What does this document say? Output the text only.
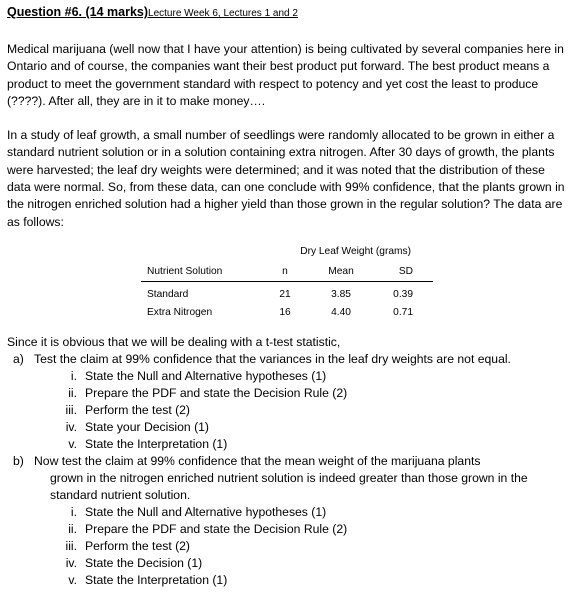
Question #6. (14 marks)Lecture Week 6, Lectures 1 and 2

Medical marijuana (well now that I have your attention) is being cultivated by several companies here in Ontario and of course, the companies want their best product put forward. The best product means a product to meet the government standard with respect to potency and yet cost the least to produce (????). After all, they are in it to make money….

In a study of leaf growth, a small number of seedlings were randomly allocated to be grown in either a standard nutrient solution or in a solution containing extra nitrogen. After 30 days of growth, the plants were harvested; the leaf dry weights were determined; and it was noted that the distribution of these data were normal. So, from these data, can one conclude with 99% confidence, that the plants grown in the nitrogen enriched solution had a higher yield than those grown in the regular solution? The data are as follows:

Dry Leaf Weight (grams)
Nutrient Solution	n	Mean	SD
Standard	21	3.85	0.39
Extra Nitrogen	16	4.40	0.71
Since it is obvious that we will be dealing with a t-test statistic,
a) Test the claim at 99% confidence that the variances in the leaf dry weights are not equal.
i. State the Null and Alternative hypotheses (1)
ii. Prepare the PDF and state the Decision Rule (2)
iii. Perform the test (2)
iv. State your Decision (1)
v. State the Interpretation (1)
b) Now test the claim at 99% confidence that the mean weight of the marijuana plants
grown in the nitrogen enriched nutrient solution is indeed greater than those grown in the
standard nutrient solution.
i. State the Null and Alternative hypotheses (1)
ii. Prepare the PDF and state the Decision Rule (2)
iii. Perform the test (2)
iv. State the Decision (1)
v. State the Interpretation (1)
